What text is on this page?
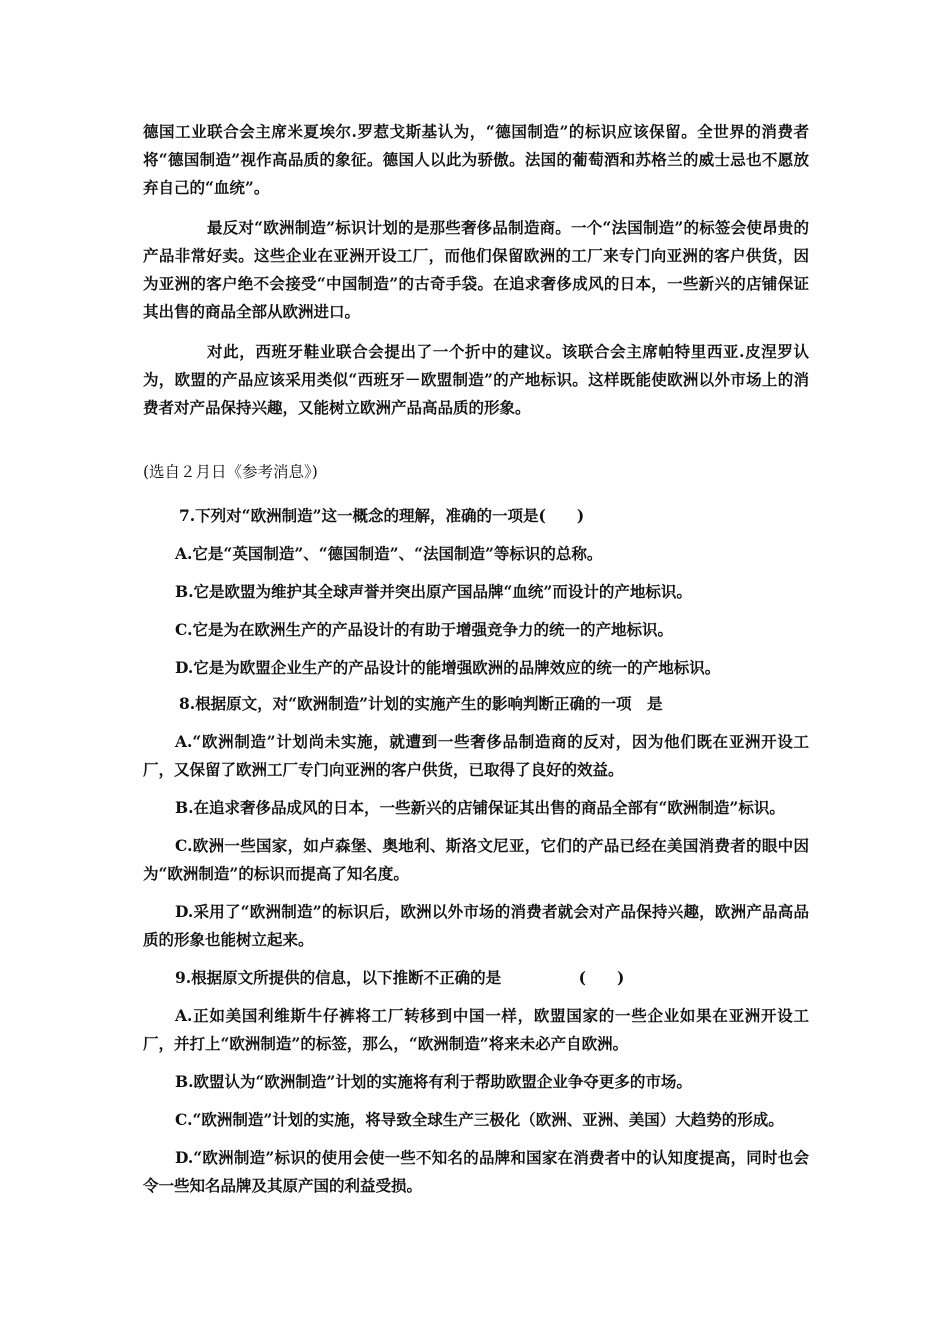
德国工业联合会主席米夏埃尔.罗惹戈斯基认为，“德国制造”的标识应该保留。全世界的消费者将“德国制造”视作高品质的象征。德国人以此为骄傲。法国的葡萄酒和苏格兰的威士忌也不愿放弃自己的“血统”。

最反对“欧洲制造”标识计划的是那些奢侈品制造商。一个“法国制造”的标签会使昂贵的产品非常好卖。这些企业在亚洲开设工厂，而他们保留欧洲的工厂来专门向亚洲的客户供货，因为亚洲的客户绝不会接受“中国制造”的古奇手袋。在追求奢侈成风的日本，一些新兴的店铺保证其出售的商品全部从欧洲进口。

对此，西班牙鞋业联合会提出了一个折中的建议。该联合会主席帕特里西亚.皮涅罗认为，欧盟的产品应该采用类似“西班牙－欧盟制造”的产地标识。这样既能使欧洲以外市场上的消费者对产品保持兴趣，又能树立欧洲产品高品质的形象。

(选自２月日《参考消息》)

7.下列对“欧洲制造”这一概念的理解，准确的一项是(　　)

A.它是“英国制造”、“德国制造”、“法国制造”等标识的总称。

B.它是欧盟为维护其全球声誉并突出原产国品牌“血统”而设计的产地标识。

C.它是为在欧洲生产的产品设计的有助于增强竞争力的统一的产地标识。

D.它是为欧盟企业生产的产品设计的能增强欧洲的品牌效应的统一的产地标识。

8.根据原文，对“欧洲制造”计划的实施产生的影响判断正确的一项　是

A.“欧洲制造”计划尚未实施，就遭到一些奢侈品制造商的反对，因为他们既在亚洲开设工厂，又保留了欧洲工厂专门向亚洲的客户供货，已取得了良好的效益。

B.在追求奢侈品成风的日本，一些新兴的店铺保证其出售的商品全部有“欧洲制造”标识。

C.欧洲一些国家，如卢森堡、奥地利、斯洛文尼亚，它们的产品已经在美国消费者的眼中因为“欧洲制造”的标识而提高了知名度。

D.采用了“欧洲制造”的标识后，欧洲以外市场的消费者就会对产品保持兴趣，欧洲产品高品质的形象也能树立起来。

9.根据原文所提供的信息，以下推断不正确的是　　　　　(　　)

A.正如美国利维斯牛仔裤将工厂转移到中国一样，欧盟国家的一些企业如果在亚洲开设工厂，并打上“欧洲制造”的标签，那么，“欧洲制造”将来未必产自欧洲。

B.欧盟认为“欧洲制造”计划的实施将有利于帮助欧盟企业争夺更多的市场。

C.“欧洲制造”计划的实施，将导致全球生产三极化（欧洲、亚洲、美国）大趋势的形成。

D.“欧洲制造”标识的使用会使一些不知名的品牌和国家在消费者中的认知度提高，同时也会令一些知名品牌及其原产国的利益受损。
